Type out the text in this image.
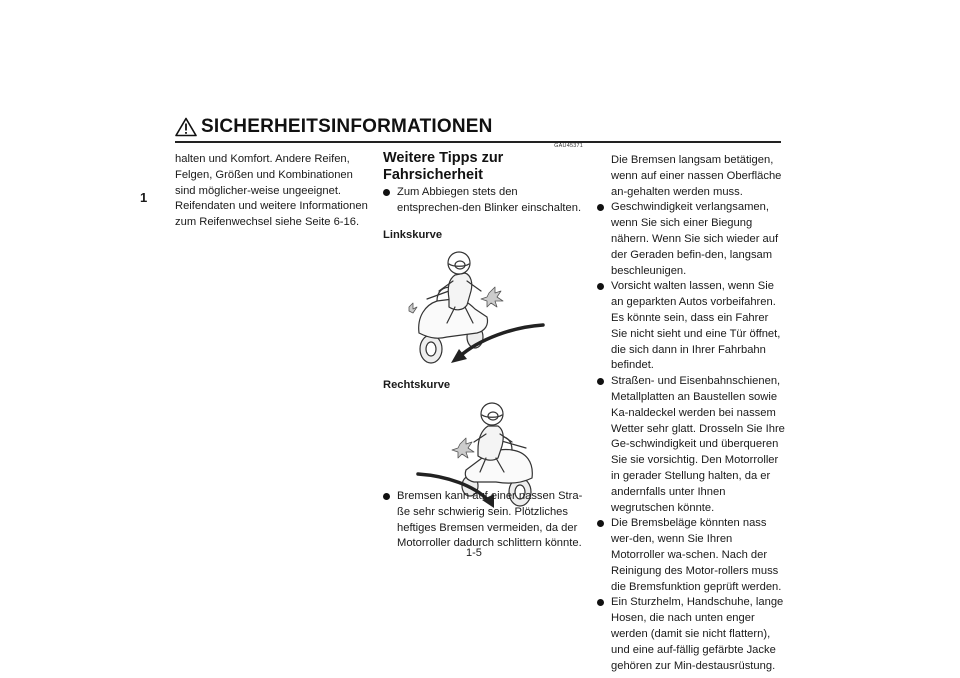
SICHERHEITSINFORMATIONEN
1

halten und Komfort. Andere Reifen, Felgen, Größen und Kombinationen sind möglicher-weise ungeeignet. Reifendaten und weitere Informationen zum Reifenwechsel siehe Seite 6-16.

GAU45371
Weitere Tipps zur Fahrsicherheit
Zum Abbiegen stets den entsprechen-den Blinker einschalten.
Linkskurve
Rechtskurve
Bremsen kann auf einer nassen Stra-ße sehr schwierig sein. Plötzliches heftiges Bremsen vermeiden, da der Motorroller dadurch schlittern könnte.

Die Bremsen langsam betätigen, wenn auf einer nassen Oberfläche an-gehalten werden muss.

Geschwindigkeit verlangsamen, wenn Sie sich einer Biegung nähern. Wenn Sie sich wieder auf der Geraden befin-den, langsam beschleunigen.
Vorsicht walten lassen, wenn Sie an geparkten Autos vorbeifahren. Es könnte sein, dass ein Fahrer Sie nicht sieht und eine Tür öffnet, die sich dann in Ihrer Fahrbahn befindet.
Straßen- und Eisenbahnschienen, Metallplatten an Baustellen sowie Ka-naldeckel werden bei nassem Wetter sehr glatt. Drosseln Sie Ihre Ge-schwindigkeit und überqueren Sie sie vorsichtig. Den Motorroller in gerader Stellung halten, da er andernfalls unter Ihnen wegrutschen könnte.
Die Bremsbeläge könnten nass wer-den, wenn Sie Ihren Motorroller wa-schen. Nach der Reinigung des Motor-rollers muss die Bremsfunktion geprüft werden.
Ein Sturzhelm, Handschuhe, lange Hosen, die nach unten enger werden (damit sie nicht flattern), und eine auf-fällig gefärbte Jacke gehören zur Min-destausrüstung.
1-5
